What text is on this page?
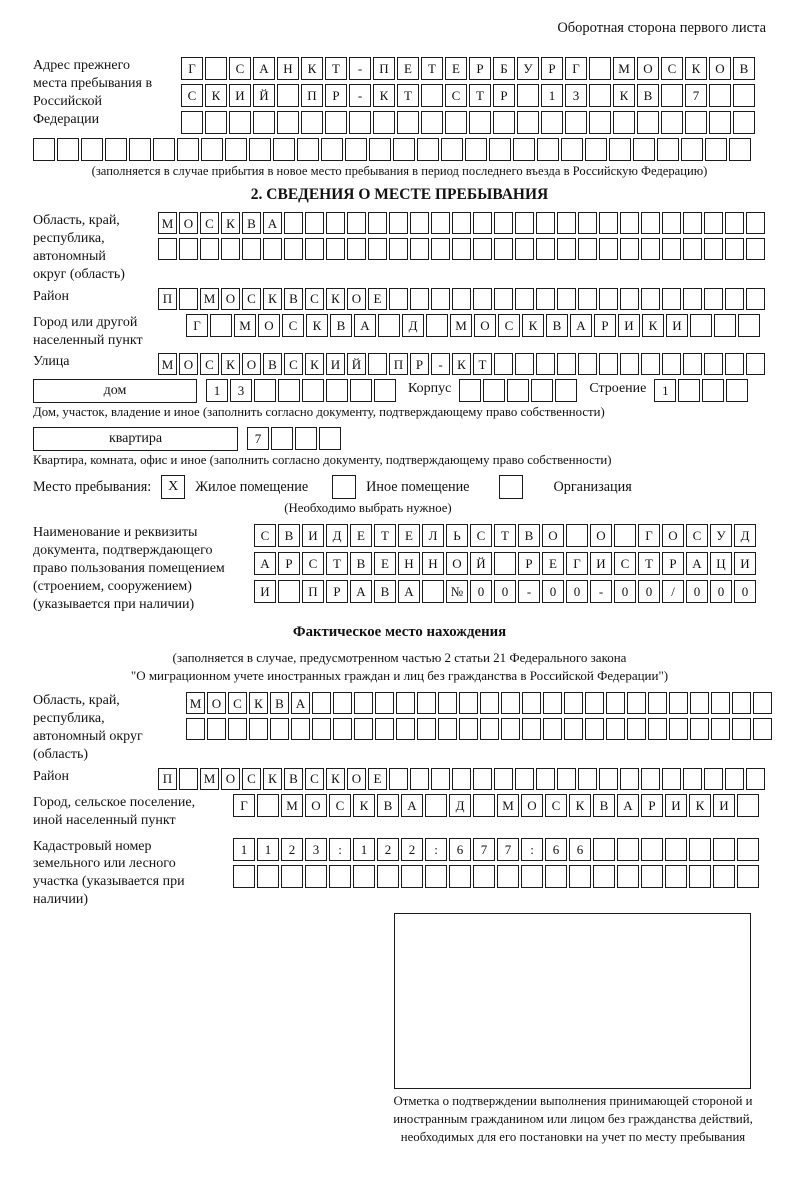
Оборотная сторона первого листа
Адрес прежнего места пребывания в Российской Федерации
Г	С	А	Н	К	Т	-	П	Е	Т	Е	Р	Б	У	Р	Г	М	О	С	К	О	В
С	К	И	Й	П	Р	-	К	Т	С	Т	Р	1	3	К	В	7
(заполняется в случае прибытия в новое место пребывания в период последнего въезда в Российскую Федерацию)
2. СВЕДЕНИЯ О МЕСТЕ ПРЕБЫВАНИЯ
Область, край, республика, автономный округ (область)
М О С К В А
Район	П	М О С К В С К О Е
Город или другой населенный пункт
Г	М	О	С	К	В	А	Д	М	О	С	К	В	А	Р	И	К	И
Улица	М О С К О В С К И Й	П Р	-	К Т
дом	1	3	Корпус	Строение	1
Дом, участок, владение и иное (заполнить согласно документу, подтверждающему право собственности)
квартира	7
Квартира, комната, офис и иное (заполнить согласно документу, подтверждающему право собственности)
Место пребывания:	X	Жилое помещение	Иное помещение	Организация
(Необходимо выбрать нужное)
Наименование и реквизиты документа, подтверждающего право пользования помещением (строением, сооружением) (указывается при наличии)
С	В	И	Д	Е	Т	Е	Л	Ь	С	Т	В	О	О	Г	О	С	У	Д
А	Р	С	Т	В	Е	Н	Н	О	Й	Р	Е	Г	И	С	Т	Р	А	Ц	И
И	П	Р	А	В	А	№	0	0	-	0	0	-	0	0	/	0	0	0
Фактическое место нахождения
(заполняется в случае, предусмотренном частью 2 статьи 21 Федерального закона
"О миграционном учете иностранных граждан и лиц без гражданства в Российской Федерации")
Область, край, республика, автономный округ (область)
М О С К В А
Район	П	М О С К В С К О Е
Город, сельское поселение, иной населенный пункт
Г	М	О	С	К	В	А	Д	М	О	С	К	В	А	Р	И	К	И
Кадастровый номер земельного или лесного участка (указывается при наличии)
1	1	2	3	:	1	2	2	:	6	7	7	:	6	6
Отметка о подтверждении выполнения принимающей стороной и иностранным гражданином или лицом без гражданства действий, необходимых для его постановки на учет по месту пребывания
